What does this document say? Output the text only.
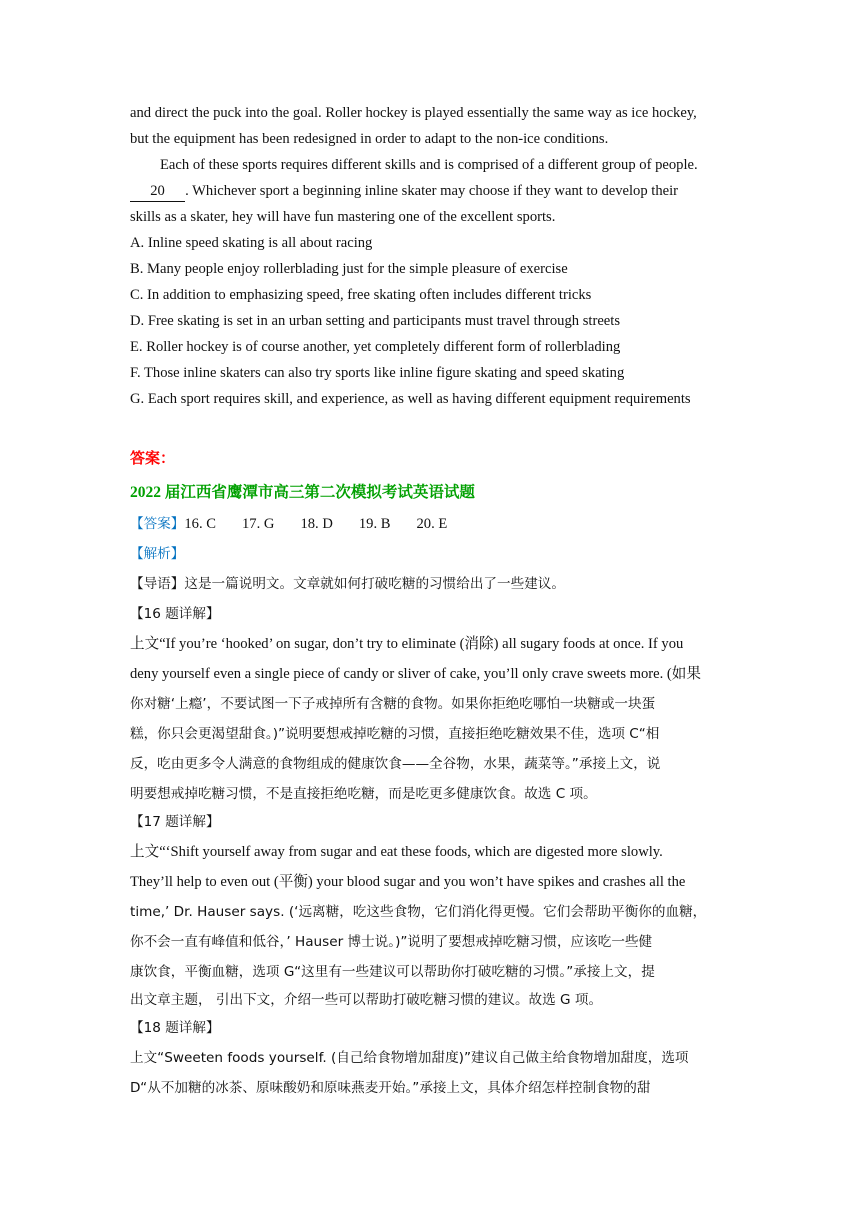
and direct the puck into the goal. Roller hockey is played essentially the same way as ice hockey,
but the equipment has been redesigned in order to adapt to the non-ice conditions.
Each of these sports requires different skills and is comprised of a different group of people.
20 . Whichever sport a beginning inline skater may choose if they want to develop their
skills as a skater, hey will have fun mastering one of the excellent sports.
A. Inline speed skating is all about racing
B. Many people enjoy rollerblading just for the simple pleasure of exercise
C. In addition to emphasizing speed, free skating often includes different tricks
D. Free skating is set in an urban setting and participants must travel through streets
E. Roller hockey is of course another, yet completely different form of rollerblading
F. Those inline skaters can also try sports like inline figure skating and speed skating
G. Each sport requires skill, and experience, as well as having different equipment requirements
答案：
2022 届江西省鹰潭市高三第二次模拟考试英语试题
【答案】16. C 17. G 18. D 19. B 20. E
【解析】
【导语】这是一篇说明文。文章就如何打破吃糖的习惯给出了一些建议。
【16 题详解】
上文“If you’re ‘hooked’ on sugar, don’t try to eliminate (消除) all sugary foods at once. If you
deny yourself even a single piece of candy or sliver of cake, you’ll only crave sweets more. (如果
你对糖‘上瘾’，不要试图一下子戒掉所有含糖的食物。如果你拒绝吃哪怕一块糖或一块蛋
糕，你只会更渴望甜食。)”说明要想戒掉吃糖的习惯，直接拒绝吃糖效果不佳，选项 C“相
反，吃由更多令人满意的食物组成的健康饮食——全谷物，水果，蔬菜等。”承接上文，说
明要想戒掉吃糖习惯，不是直接拒绝吃糖，而是吃更多健康饮食。故选 C 项。
【17 题详解】
上文“‘Shift yourself away from sugar and eat these foods, which are digested more slowly.
They’ll help to even out (平衡) your blood sugar and you won’t have spikes and crashes all the
time,’ Dr. Hauser says. (‘远离糖，吃这些食物，它们消化得更慢。它们会帮助平衡你的血糖，
你不会一直有峰值和低谷，’ Hauser 博士说。)”说明了要想戒掉吃糖习惯，应该吃一些健
康饮食，平衡血糖，选项 G“这里有一些建议可以帮助你打破吃糖的习惯。”承接上文，提
出文章主题， 引出下文，介绍一些可以帮助打破吃糖习惯的建议。故选 G 项。
【18 题详解】
上文“Sweeten foods yourself. (自己给食物增加甜度)”建议自己做主给食物增加甜度，选项
D“从不加糖的冰茶、原味酸奶和原味燕麦开始。”承接上文，具体介绍怎样控制食物的甜
